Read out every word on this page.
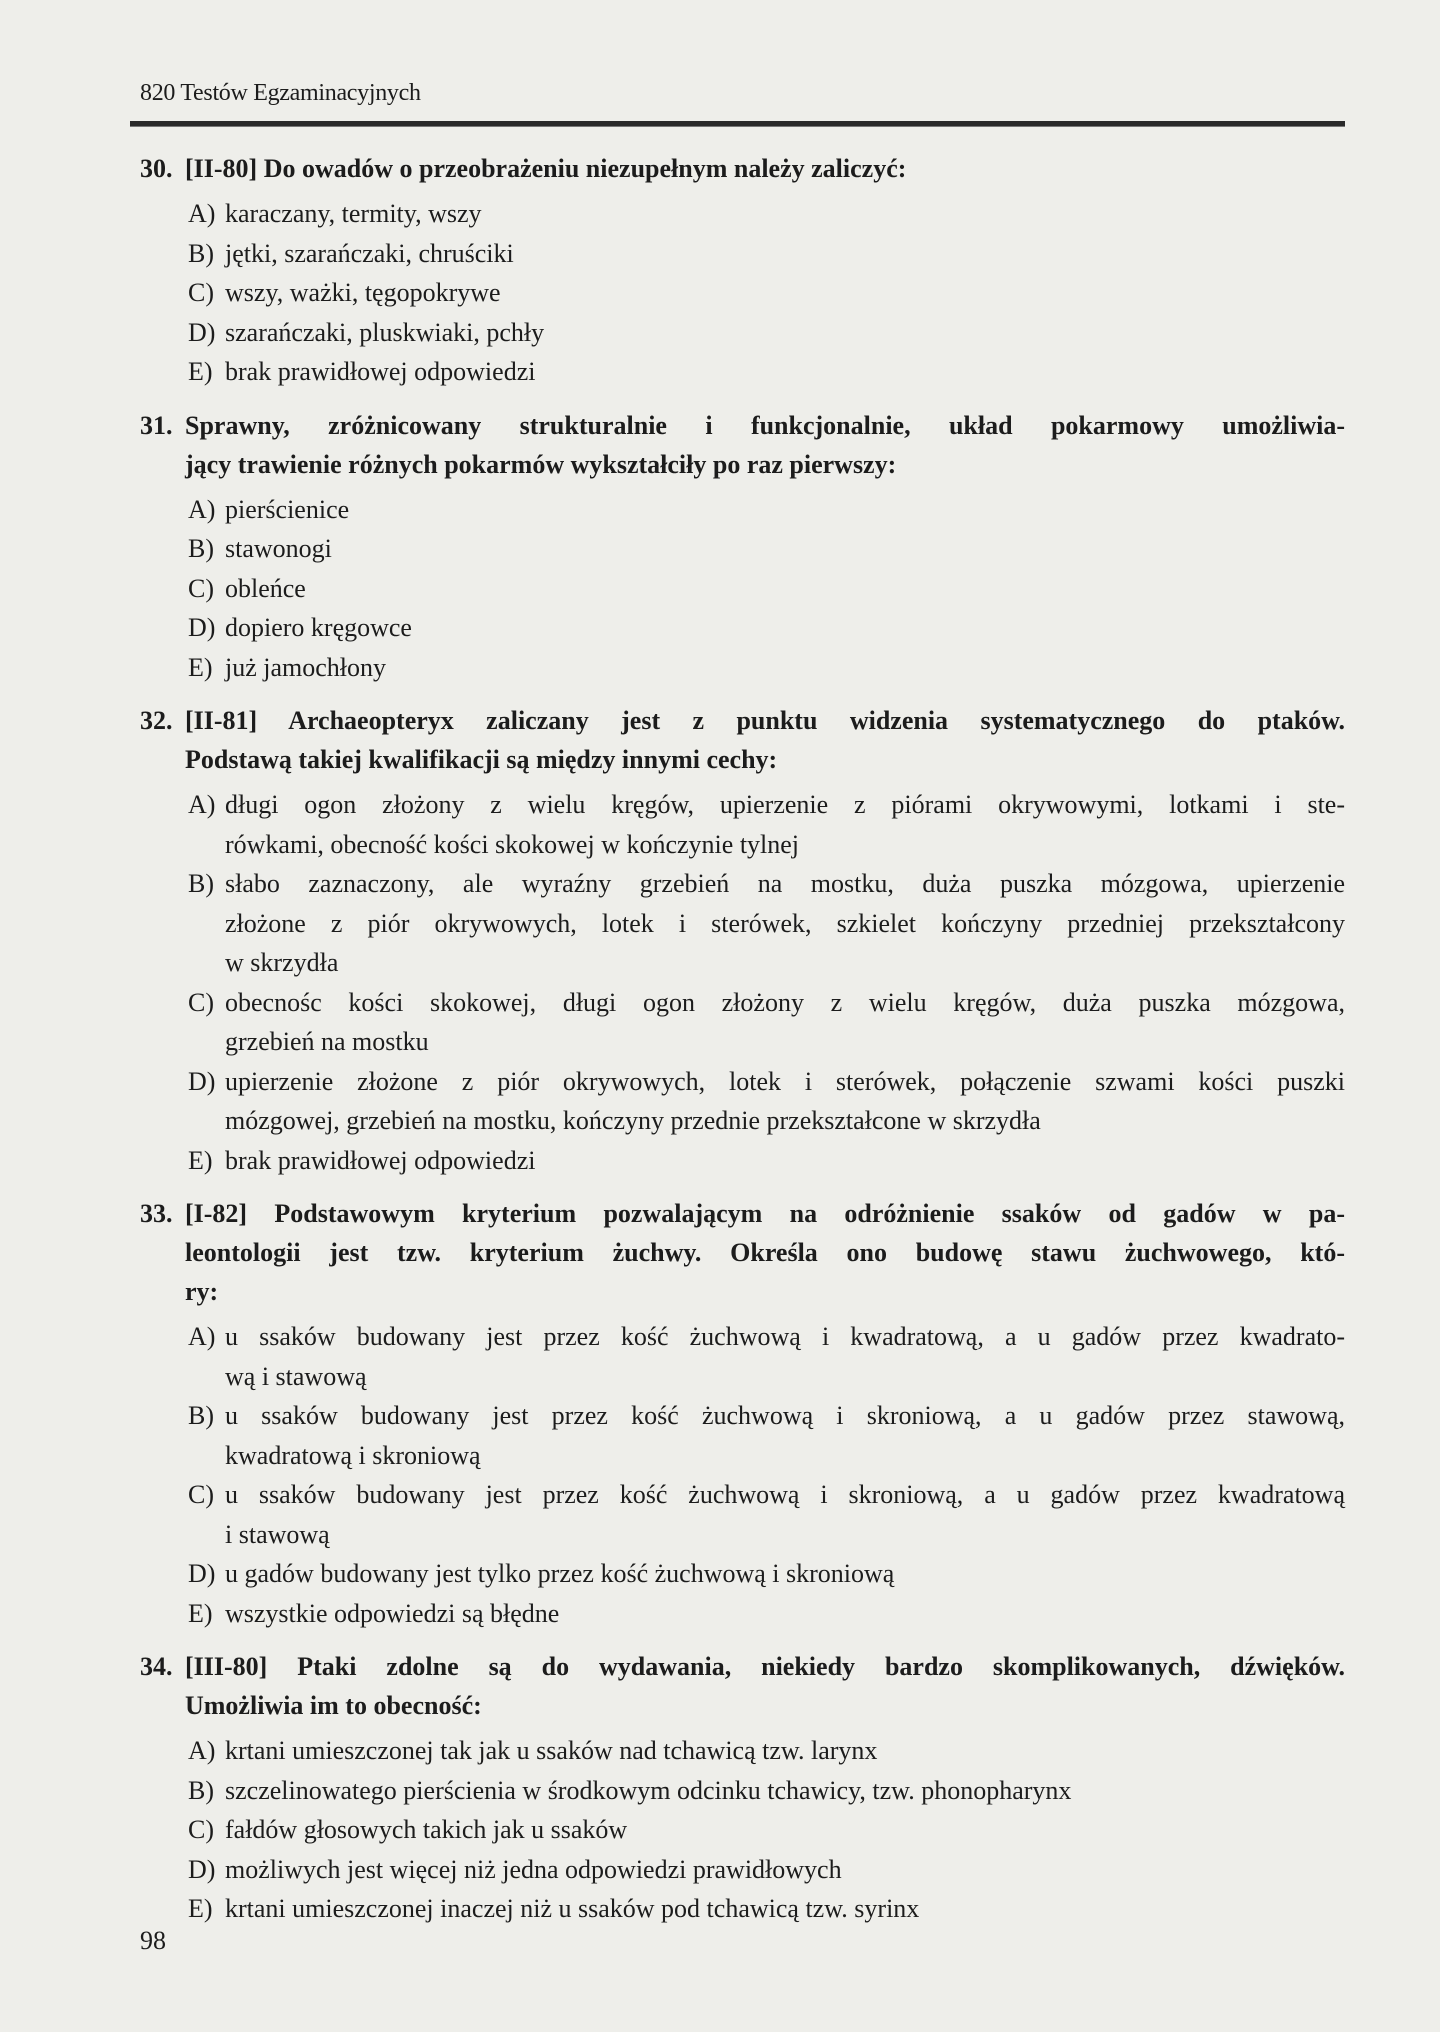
820 Testów Egzaminacyjnych
30. [II-80] Do owadów o przeobrażeniu niezupełnym należy zaliczyć:
A) karaczany, termity, wszy
B) jętki, szarańczaki, chruściki
C) wszy, ważki, tęgopokrywe
D) szarańczaki, pluskwiaki, pchły
E) brak prawidłowej odpowiedzi
31. Sprawny, zróżnicowany strukturalnie i funkcjonalnie, układ pokarmowy umożliwia-
jący trawienie różnych pokarmów wykształciły po raz pierwszy:
A) pierścienice
B) stawonogi
C) obleńce
D) dopiero kręgowce
E) już jamochłony
32. [II-81] Archaeopteryx zaliczany jest z punktu widzenia systematycznego do ptaków.
Podstawą takiej kwalifikacji są między innymi cechy:
A) długi ogon złożony z wielu kręgów, upierzenie z piórami okrywowymi, lotkami i ste-
rówkami, obecność kości skokowej w kończynie tylnej
B) słabo zaznaczony, ale wyraźny grzebień na mostku, duża puszka mózgowa, upierzenie
złożone z piór okrywowych, lotek i sterówek, szkielet kończyny przedniej przekształcony
w skrzydła
C) obecnośc kości skokowej, długi ogon złożony z wielu kręgów, duża puszka mózgowa,
grzebień na mostku
D) upierzenie złożone z piór okrywowych, lotek i sterówek, połączenie szwami kości puszki
mózgowej, grzebień na mostku, kończyny przednie przekształcone w skrzydła
E) brak prawidłowej odpowiedzi
33. [I-82] Podstawowym kryterium pozwalającym na odróżnienie ssaków od gadów w pa-
leontologii jest tzw. kryterium żuchwy. Określa ono budowę stawu żuchwowego, któ-
ry:
A) u ssaków budowany jest przez kość żuchwową i kwadratową, a u gadów przez kwadrato-
wą i stawową
B) u ssaków budowany jest przez kość żuchwową i skroniową, a u gadów przez stawową,
kwadratową i skroniową
C) u ssaków budowany jest przez kość żuchwową i skroniową, a u gadów przez kwadratową
i stawową
D) u gadów budowany jest tylko przez kość żuchwową i skroniową
E) wszystkie odpowiedzi są błędne
34. [III-80] Ptaki zdolne są do wydawania, niekiedy bardzo skomplikowanych, dźwięków.
Umożliwia im to obecność:
A) krtani umieszczonej tak jak u ssaków nad tchawicą tzw. larynx
B) szczelinowatego pierścienia w środkowym odcinku tchawicy, tzw. phonopharynx
C) fałdów głosowych takich jak u ssaków
D) możliwych jest więcej niż jedna odpowiedzi prawidłowych
E) krtani umieszczonej inaczej niż u ssaków pod tchawicą tzw. syrinx
98
